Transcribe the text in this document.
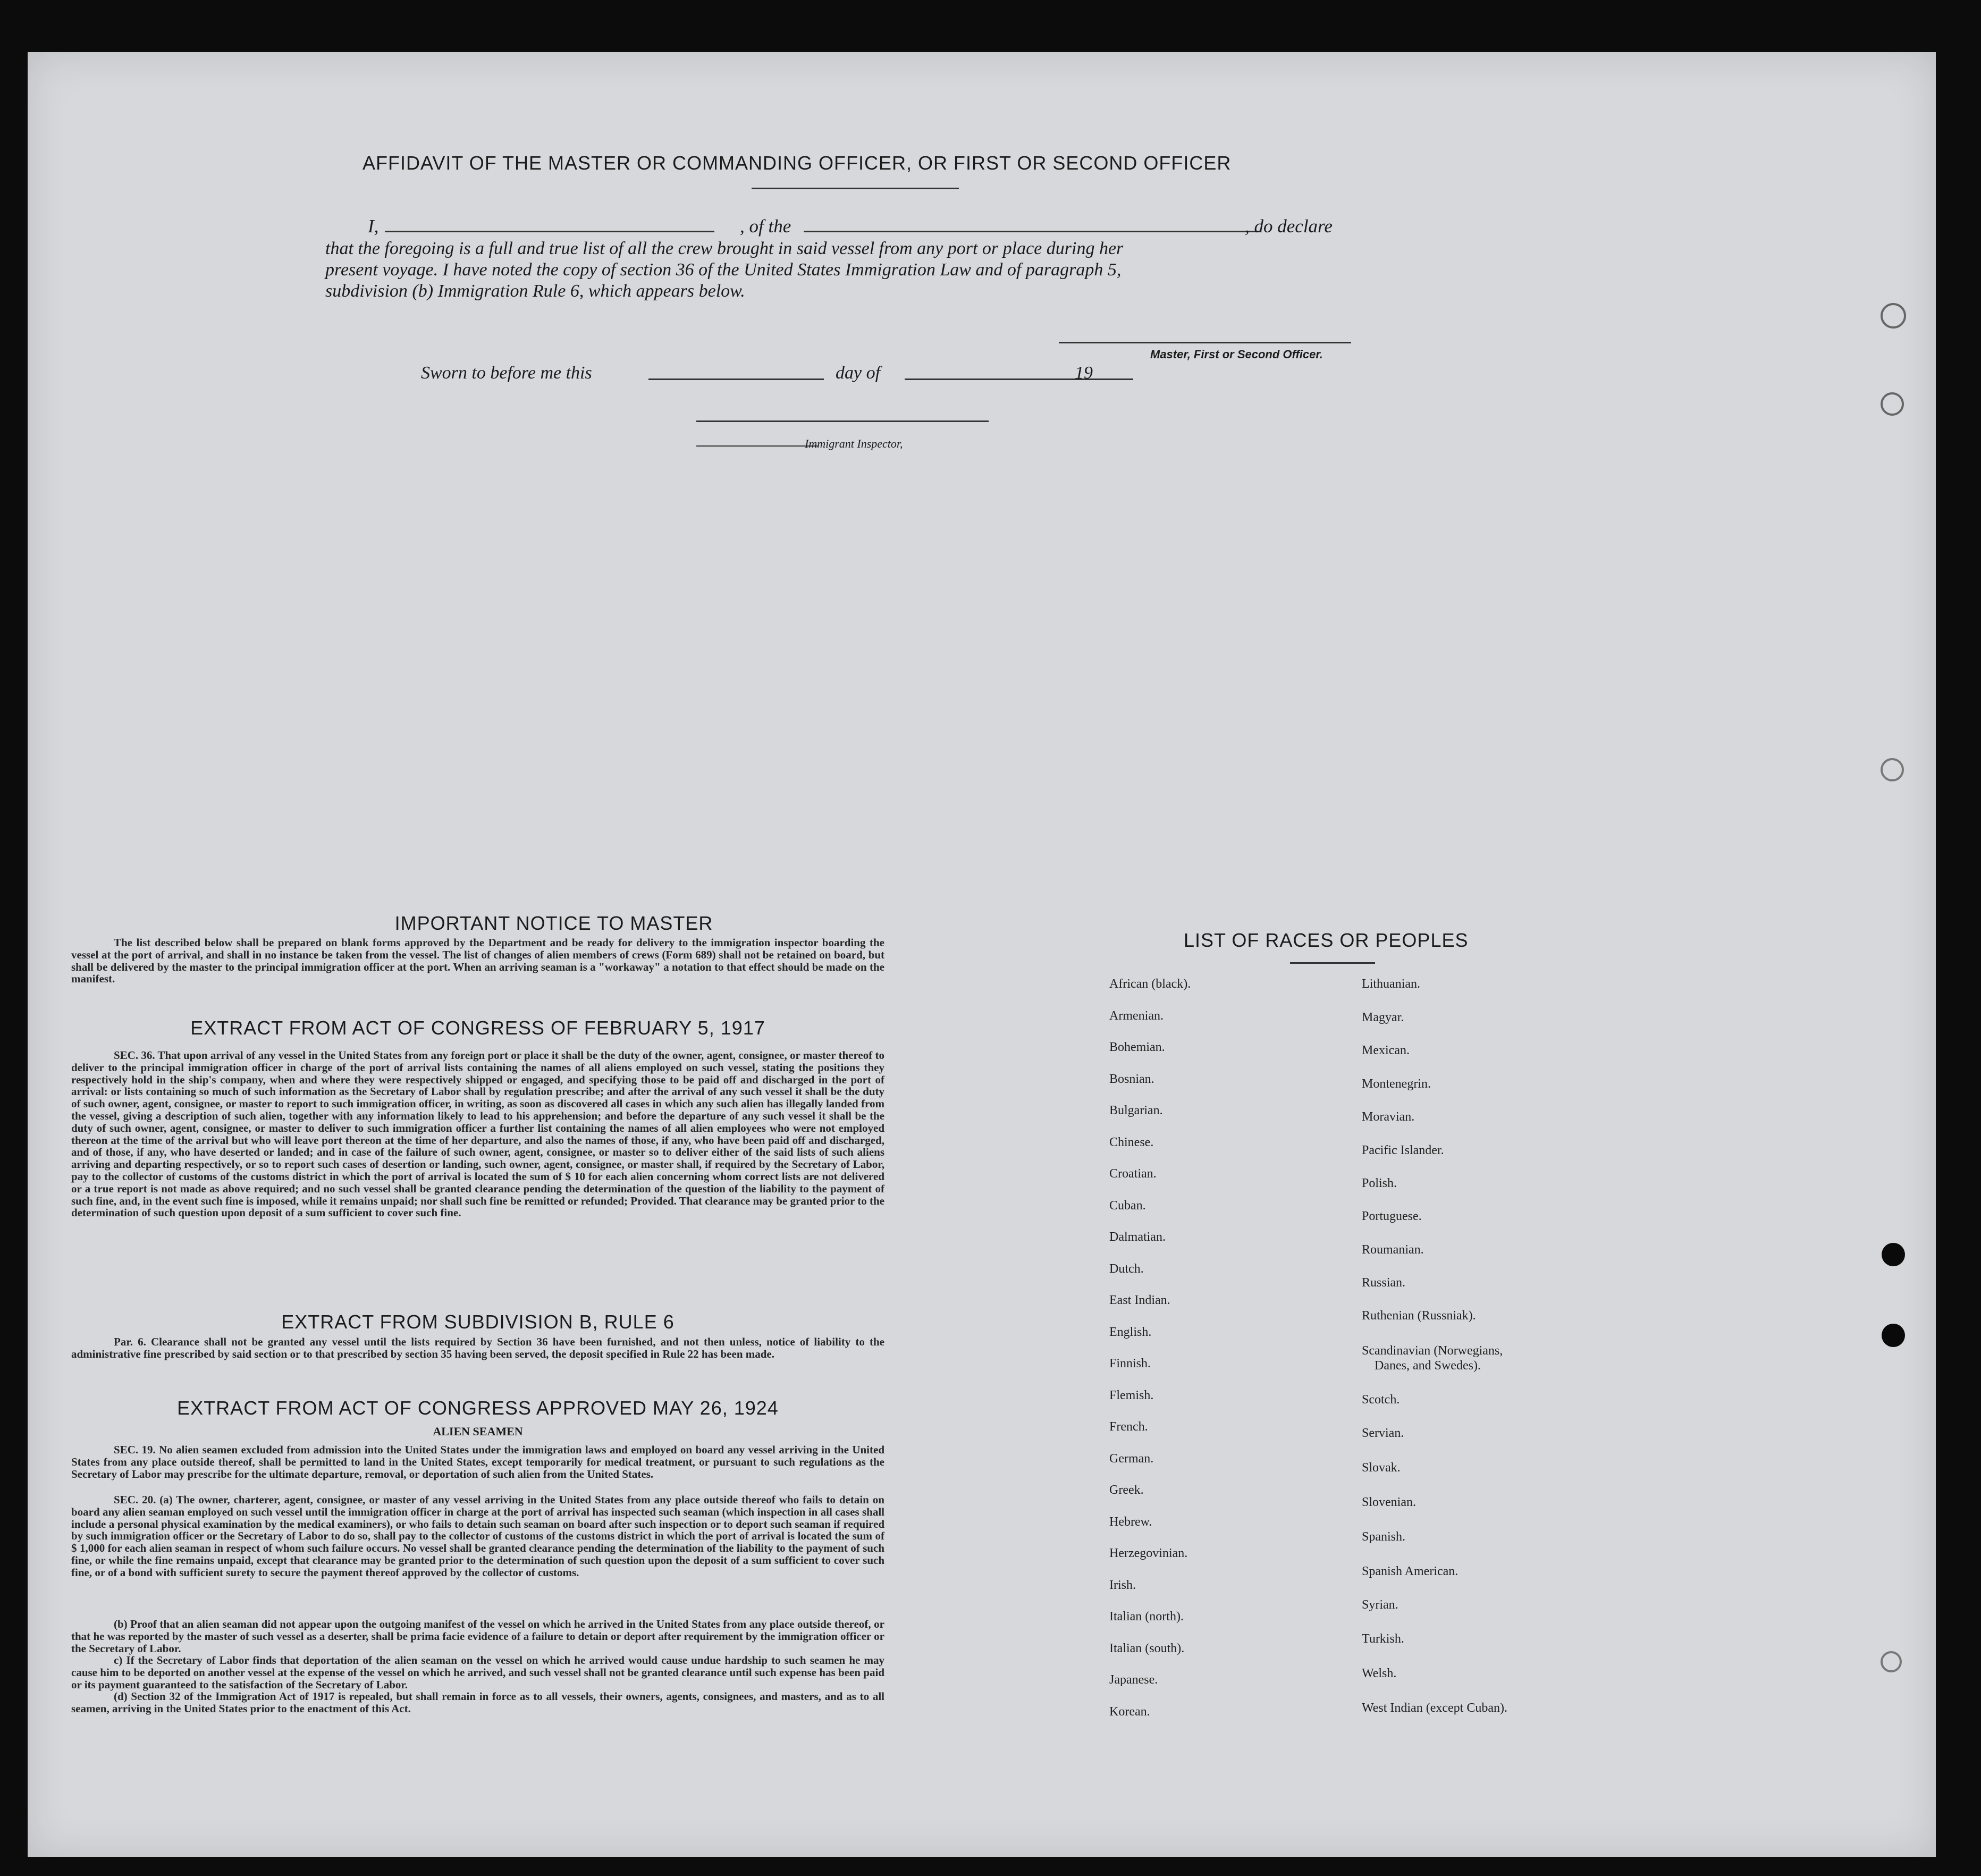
AFFIDAVIT OF THE MASTER OR COMMANDING OFFICER, OR FIRST OR SECOND OFFICER
I,	, of the	, do declare
that the foregoing is a full and true list of all the crew brought in said vessel from any port or place during her
present voyage. I have noted the copy of section 36 of the United States Immigration Law and of paragraph 5,
subdivision (b) Immigration Rule 6, which appears below.
Master, First or Second Officer.
Sworn to before me this	day of	19
Immigrant Inspector,
IMPORTANT NOTICE TO MASTER
The list described below shall be prepared on blank forms approved by the Department and be ready for delivery to the immigration inspector boarding the vessel at the port of arrival, and shall in no instance be taken from the vessel. The list of changes of alien members of crews (Form 689) shall not be retained on board, but shall be delivered by the master to the principal immigration officer at the port. When an arriving seaman is a "workaway" a notation to that effect should be made on the manifest.
EXTRACT FROM ACT OF CONGRESS OF FEBRUARY 5, 1917
SEC. 36. That upon arrival of any vessel in the United States from any foreign port or place it shall be the duty of the owner, agent, consignee, or master thereof to deliver to the principal immigration officer in charge of the port of arrival lists containing the names of all aliens employed on such vessel, stating the positions they respectively hold in the ship's company, when and where they were respectively shipped or engaged, and specifying those to be paid off and discharged in the port of arrival: or lists containing so much of such information as the Secretary of Labor shall by regulation prescribe; and after the arrival of any such vessel it shall be the duty of such owner, agent, consignee, or master to report to such immigration officer, in writing, as soon as discovered all cases in which any such alien has illegally landed from the vessel, giving a description of such alien, together with any information likely to lead to his apprehension; and before the departure of any such vessel it shall be the duty of such owner, agent, consignee, or master to deliver to such immigration officer a further list containing the names of all alien employees who were not employed thereon at the time of the arrival but who will leave port thereon at the time of her departure, and also the names of those, if any, who have been paid off and discharged, and of those, if any, who have deserted or landed; and in case of the failure of such owner, agent, consignee, or master so to deliver either of the said lists of such aliens arriving and departing respectively, or so to report such cases of desertion or landing, such owner, agent, consignee, or master shall, if required by the Secretary of Labor, pay to the collector of customs of the customs district in which the port of arrival is located the sum of $ 10 for each alien concerning whom correct lists are not delivered or a true report is not made as above required; and no such vessel shall be granted clearance pending the determination of the question of the liability to the payment of such fine, and, in the event such fine is imposed, while it remains unpaid; nor shall such fine be remitted or refunded; Provided. That clearance may be granted prior to the determination of such question upon deposit of a sum sufficient to cover such fine.
EXTRACT FROM SUBDIVISION B, RULE 6
Par. 6. Clearance shall not be granted any vessel until the lists required by Section 36 have been furnished, and not then unless, notice of liability to the administrative fine prescribed by said section or to that prescribed by section 35 having been served, the deposit specified in Rule 22 has been made.
EXTRACT FROM ACT OF CONGRESS APPROVED MAY 26, 1924
ALIEN SEAMEN
SEC. 19. No alien seamen excluded from admission into the United States under the immigration laws and employed on board any vessel arriving in the United States from any place outside thereof, shall be permitted to land in the United States, except temporarily for medical treatment, or pursuant to such regulations as the Secretary of Labor may prescribe for the ultimate departure, removal, or deportation of such alien from the United States.
SEC. 20. (a) The owner, charterer, agent, consignee, or master of any vessel arriving in the United States from any place outside thereof who fails to detain on board any alien seaman employed on such vessel until the immigration officer in charge at the port of arrival has inspected such seaman (which inspection in all cases shall include a personal physical examination by the medical examiners), or who fails to detain such seaman on board after such inspection or to deport such seaman if required by such immigration officer or the Secretary of Labor to do so, shall pay to the collector of customs of the customs district in which the port of arrival is located the sum of $ 1,000 for each alien seaman in respect of whom such failure occurs. No vessel shall be granted clearance pending the determination of the liability to the payment of such fine, or while the fine remains unpaid, except that clearance may be granted prior to the determination of such question upon the deposit of a sum sufficient to cover such fine, or of a bond with sufficient surety to secure the payment thereof approved by the collector of customs.
(b) Proof that an alien seaman did not appear upon the outgoing manifest of the vessel on which he arrived in the United States from any place outside thereof, or that he was reported by the master of such vessel as a deserter, shall be prima facie evidence of a failure to detain or deport after requirement by the immigration officer or the Secretary of Labor.
c) If the Secretary of Labor finds that deportation of the alien seaman on the vessel on which he arrived would cause undue hardship to such seamen he may cause him to be deported on another vessel at the expense of the vessel on which he arrived, and such vessel shall not be granted clearance until such expense has been paid or its payment guaranteed to the satisfaction of the Secretary of Labor.
(d) Section 32 of the Immigration Act of 1917 is repealed, but shall remain in force as to all vessels, their owners, agents, consignees, and masters, and as to all seamen, arriving in the United States prior to the enactment of this Act.
LIST OF RACES OR PEOPLES
African (black).
Armenian.
Bohemian.
Bosnian.
Bulgarian.
Chinese.
Croatian.
Cuban.
Dalmatian.
Dutch.
East Indian.
English.
Finnish.
Flemish.
French.
German.
Greek.
Hebrew.
Herzegovinian.
Irish.
Italian (north).
Italian (south).
Japanese.
Korean.
Lithuanian.
Magyar.
Mexican.
Montenegrin.
Moravian.
Pacific Islander.
Polish.
Portuguese.
Roumanian.
Russian.
Ruthenian (Russniak).
Scandinavian (Norwegians,
Danes, and Swedes).
Scotch.
Servian.
Slovak.
Slovenian.
Spanish.
Spanish American.
Syrian.
Turkish.
Welsh.
West Indian (except Cuban).
